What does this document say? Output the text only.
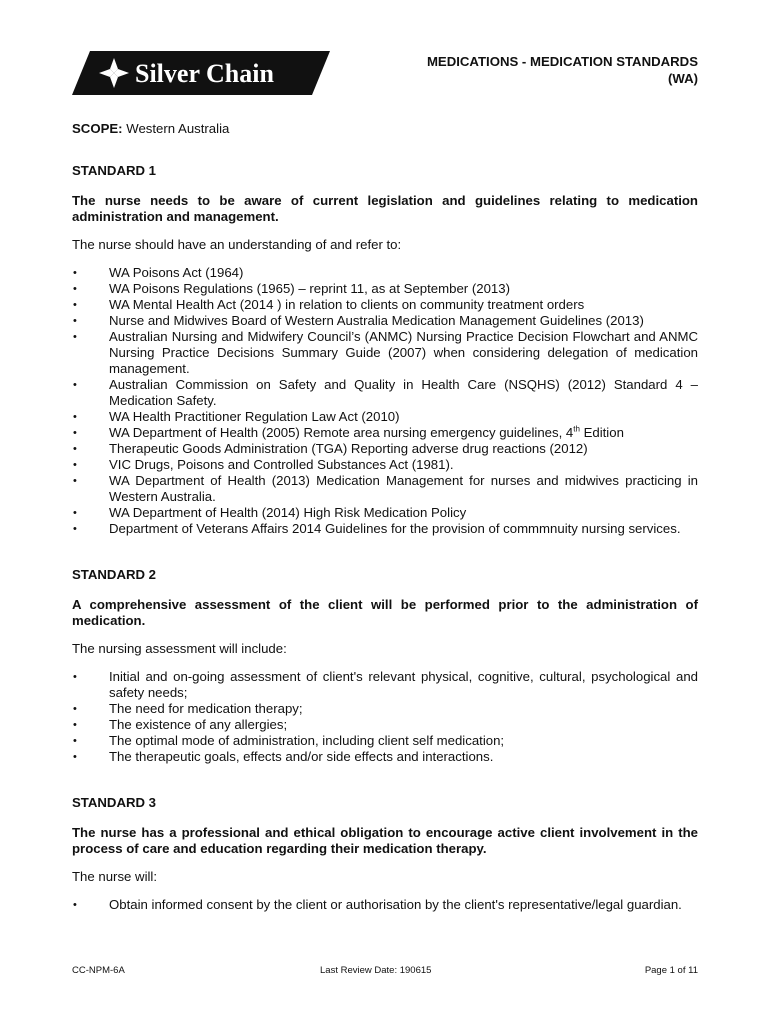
Silver Chain	MEDICATIONS - MEDICATION STANDARDS
(WA)

SCOPE: Western Australia

STANDARD 1

The nurse needs to be aware of current legislation and guidelines relating to medication administration and management.

The nurse should have an understanding of and refer to:

• WA Poisons Act (1964)
• WA Poisons Regulations (1965) – reprint 11, as at September (2013)
• WA Mental Health Act (2014 ) in relation to clients on community treatment orders
• Nurse and Midwives Board of Western Australia Medication Management Guidelines (2013)
• Australian Nursing and Midwifery Council’s (ANMC) Nursing Practice Decision Flowchart and ANMC Nursing Practice Decisions Summary Guide (2007) when considering delegation of medication management.
• Australian Commission on Safety and Quality in Health Care (NSQHS) (2012) Standard 4 – Medication Safety.
• WA Health Practitioner Regulation Law Act (2010)
• WA Department of Health (2005) Remote area nursing emergency guidelines, 4th Edition
• Therapeutic Goods Administration (TGA) Reporting adverse drug reactions (2012)
• VIC Drugs, Poisons and Controlled Substances Act (1981).
• WA Department of Health (2013) Medication Management for nurses and midwives practicing in Western Australia.
• WA Department of Health (2014) High Risk Medication Policy
• Department of Veterans Affairs 2014 Guidelines for the provision of commmnuity nursing services.

STANDARD 2

A comprehensive assessment of the client will be performed prior to the administration of medication.

The nursing assessment will include:

• Initial and on-going assessment of client's relevant physical, cognitive, cultural, psychological and safety needs;
• The need for medication therapy;
• The existence of any allergies;
• The optimal mode of administration, including client self medication;
• The therapeutic goals, effects and/or side effects and interactions.

STANDARD 3

The nurse has a professional and ethical obligation to encourage active client involvement in the process of care and education regarding their medication therapy.

The nurse will:

• Obtain informed consent by the client or authorisation by the client's representative/legal guardian.
CC-NPM-6A	Last Review Date: 190615	Page 1 of 11
